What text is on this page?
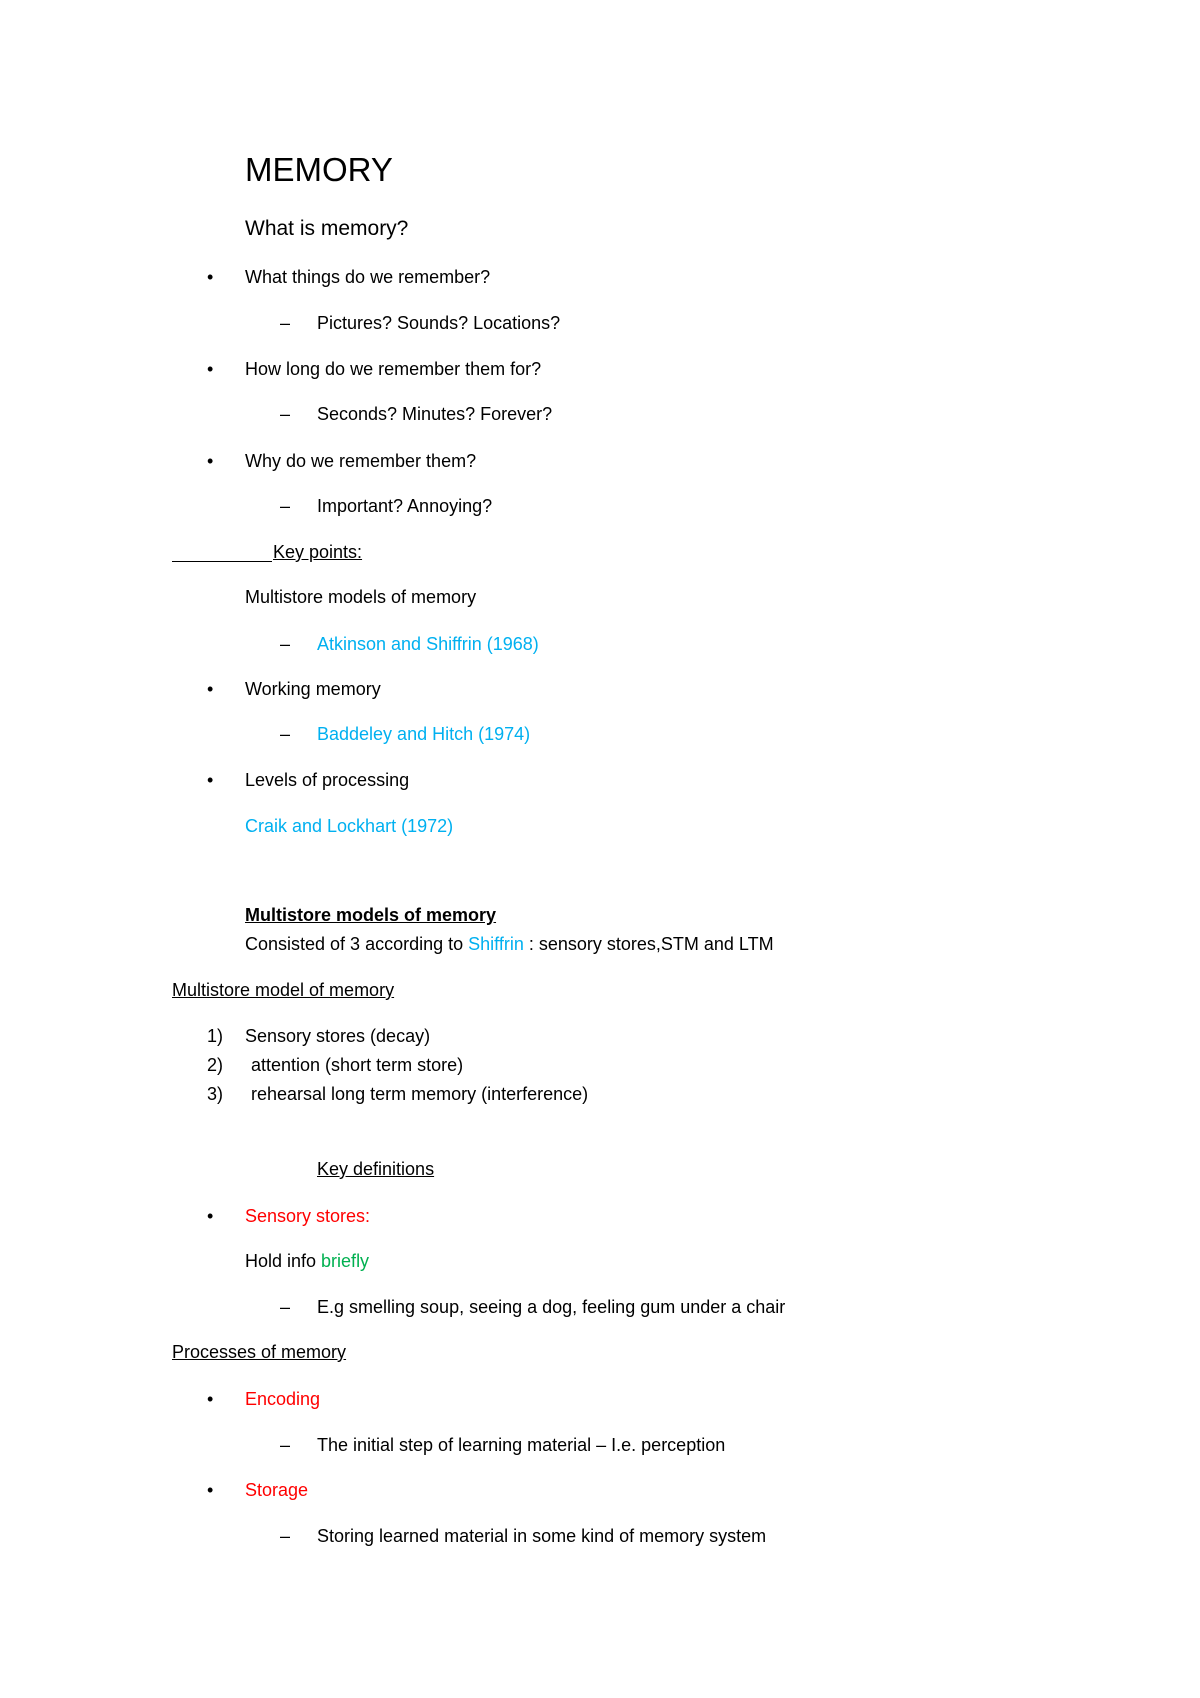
MEMORY
What is memory?
• What things do we remember?
– Pictures? Sounds? Locations?
• How long do we remember them for?
– Seconds? Minutes? Forever?
• Why do we remember them?
– Important? Annoying?
Key points:
Multistore models of memory
– Atkinson and Shiffrin (1968)
• Working memory
– Baddeley and Hitch (1974)
• Levels of processing
Craik and Lockhart (1972)
Multistore models of memory
Consisted of 3 according to Shiffrin : sensory stores,STM and LTM
Multistore model of memory
1) Sensory stores (decay)
2) attention (short term store)
3) rehearsal long term memory (interference)
Key definitions
• Sensory stores:
Hold info briefly
– E.g smelling soup, seeing a dog, feeling gum under a chair
Processes of memory
• Encoding
– The initial step of learning material – I.e. perception
• Storage
– Storing learned material in some kind of memory system
